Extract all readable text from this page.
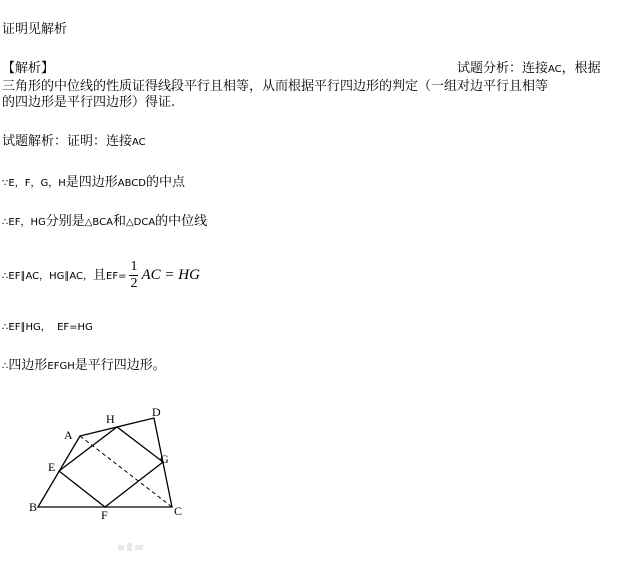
证明见解析
【解析】	试题分析：连接AC，根据
三角形的中位线的性质证得线段平行且相等，从而根据平行四边形的判定（一组对边平行且相等
的四边形是平行四边形）得证.
试题解析：证明：连接AC
∵E，F，G，H是四边形ABCD的中点
∴EF，HG分别是△BCA和△DCA的中位线
∴EF∥AC，HG∥AC，且$EF= \frac{1}{2}$ AC = HG
∴EF∥HG，  EF=HG
∴四边形EFGH是平行四边形。
A
B	C
D
E
F
G
H
